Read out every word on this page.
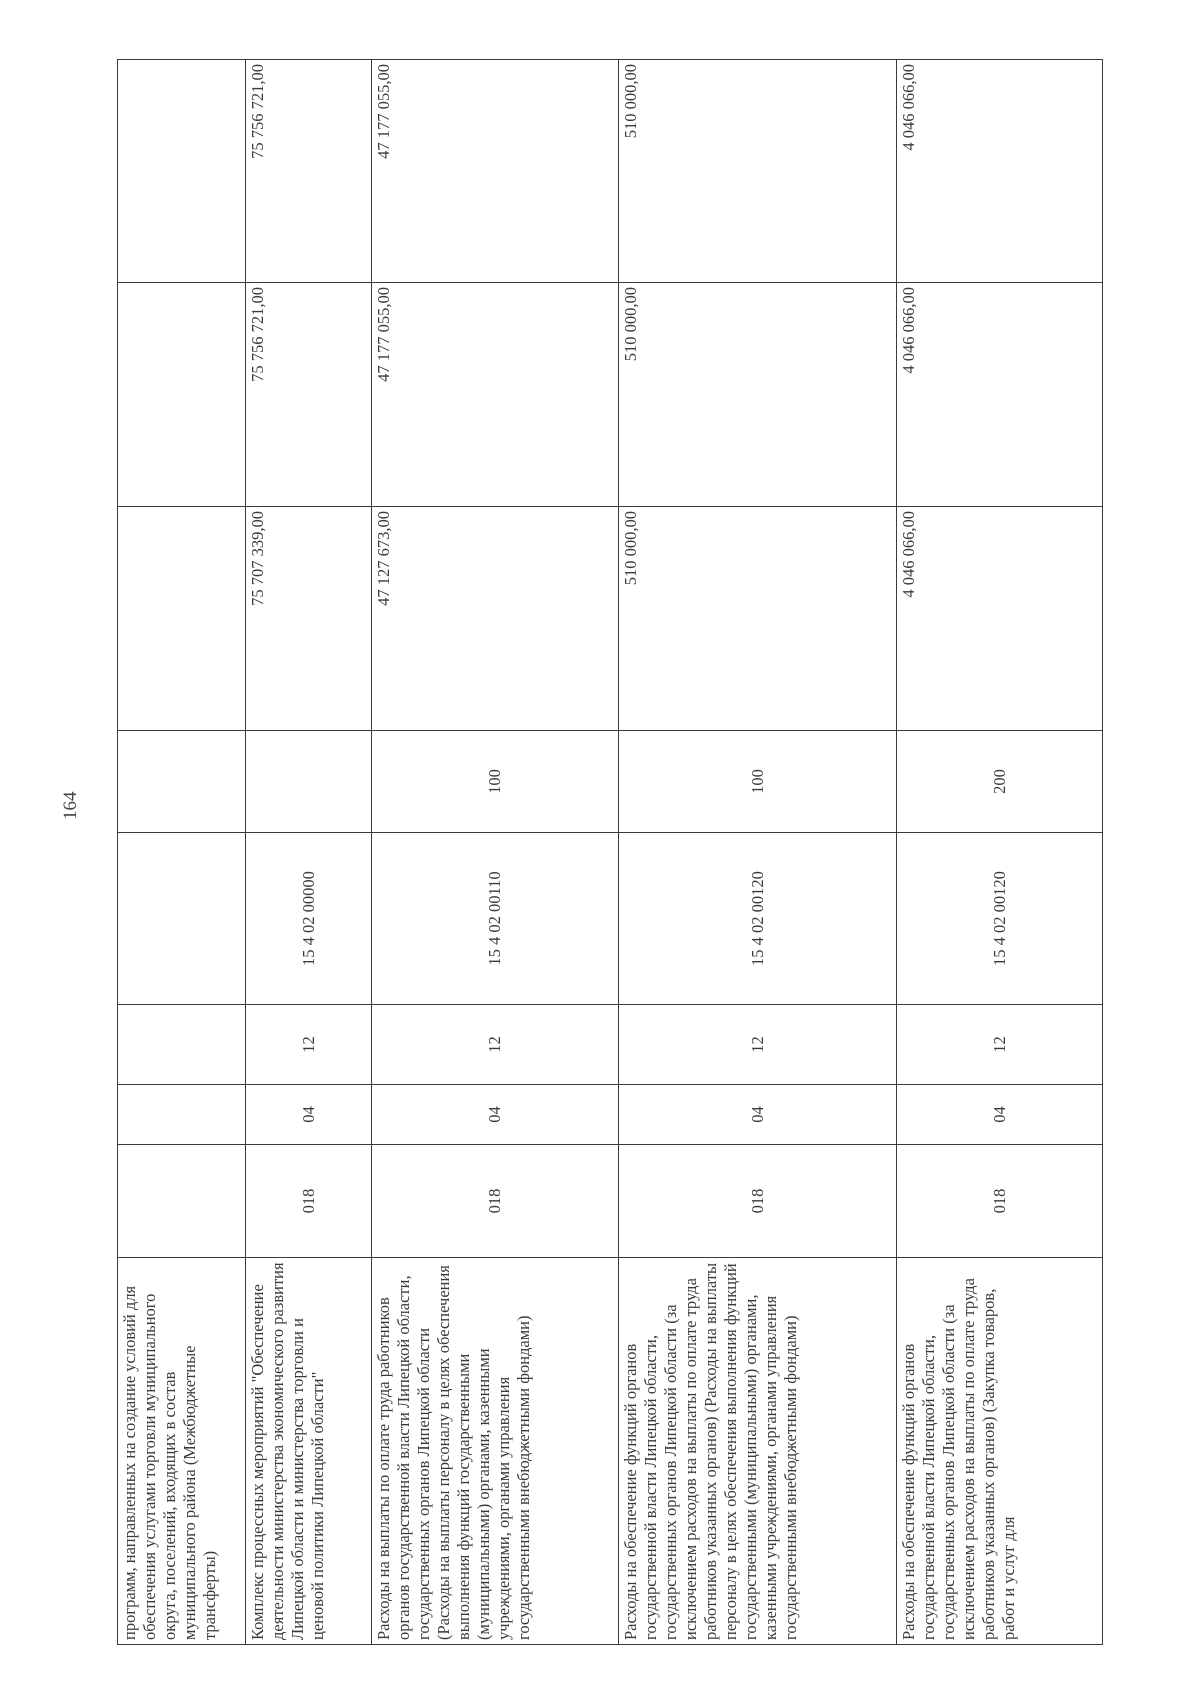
164
программ, направленных на создание условий для обеспечения услугами торговли муниципального округа, поселений, входящих в состав муниципального района (Межбюджетные трансферты)								
Комплекс процессных мероприятий "Обеспечение деятельности министерства экономического развития Липецкой области и министерства торговли и ценовой политики Липецкой области"	018	04	12	15 4 02 00000		75 707 339,00	75 756 721,00	75 756 721,00
Расходы на выплаты по оплате труда работников органов государственной власти Липецкой области, государственных органов Липецкой области (Расходы на выплаты персоналу в целях обеспечения выполнения функций государственными (муниципальными) органами, казенными учреждениями, органами управления государственными внебюджетными фондами)	018	04	12	15 4 02 00110	100	47 127 673,00	47 177 055,00	47 177 055,00
Расходы на обеспечение функций органов государственной власти Липецкой области, государственных органов Липецкой области (за исключением расходов на выплаты по оплате труда работников указанных органов) (Расходы на выплаты персоналу в целях обеспечения выполнения функций государственными (муниципальными) органами, казенными учреждениями, органами управления государственными внебюджетными фондами)	018	04	12	15 4 02 00120	100	510 000,00	510 000,00	510 000,00
Расходы на обеспечение функций органов государственной власти Липецкой области, государственных органов Липецкой области (за исключением расходов на выплаты по оплате труда работников указанных органов) (Закупка товаров, работ и услуг для	018	04	12	15 4 02 00120	200	4 046 066,00	4 046 066,00	4 046 066,00
